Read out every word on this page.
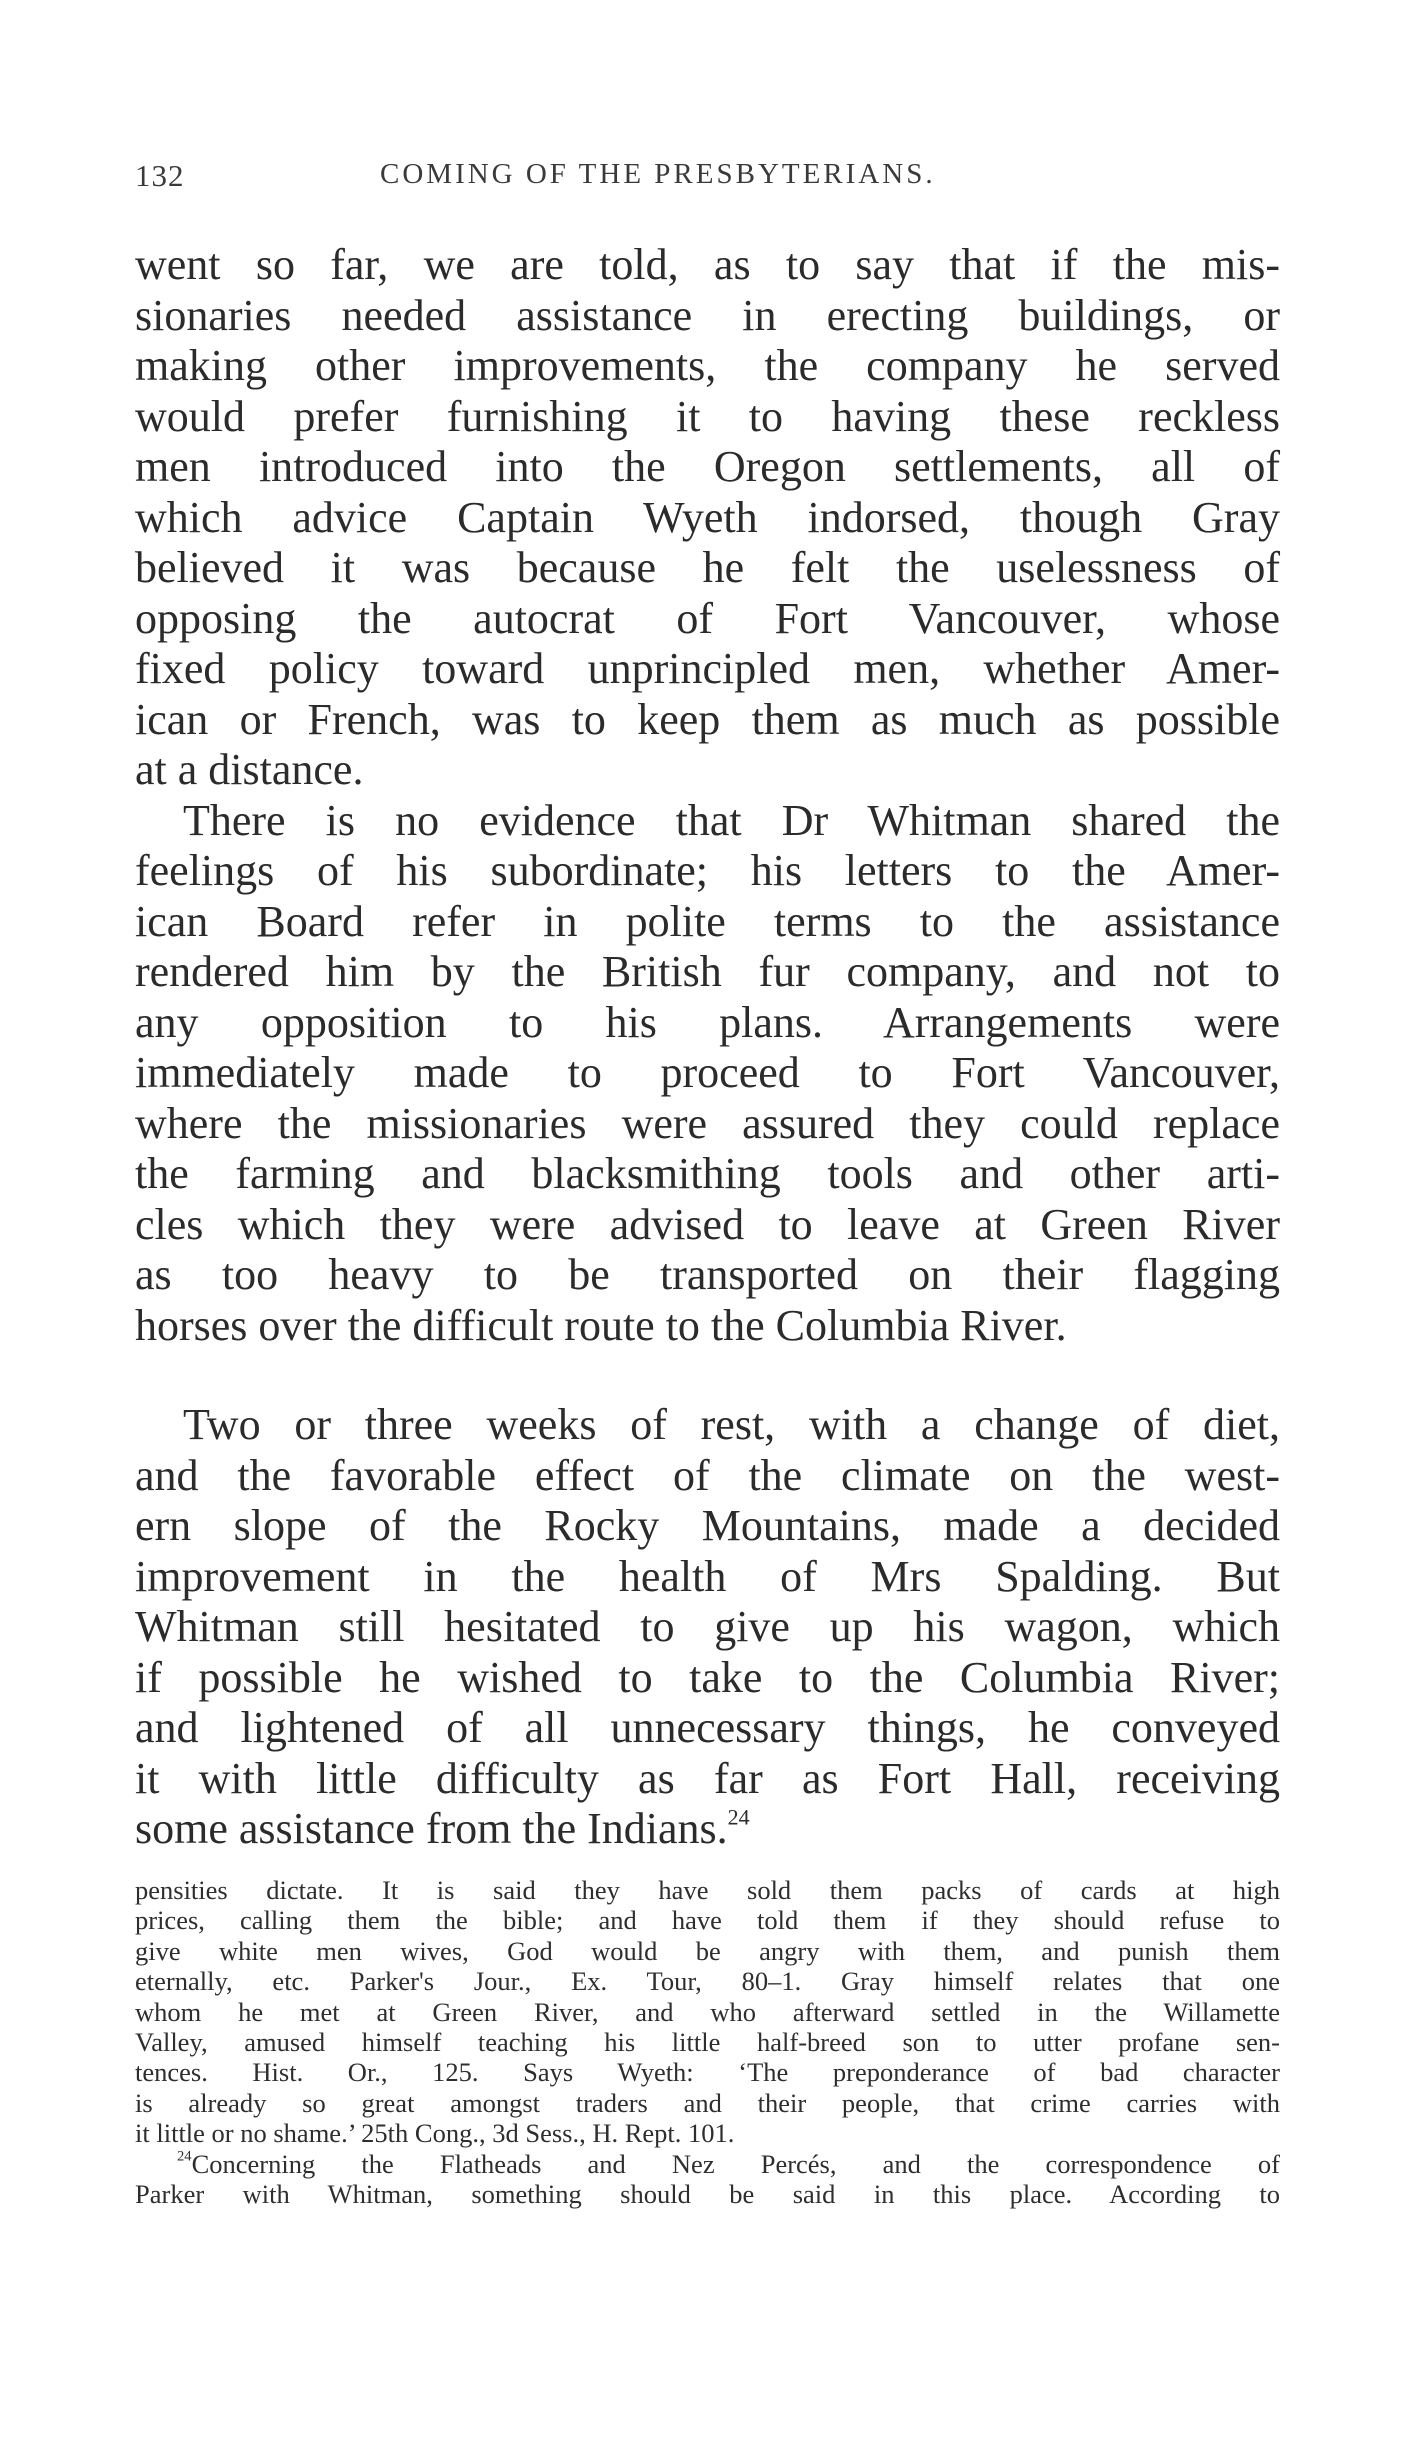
132	COMING OF THE PRESBYTERIANS.
went so far, we are told, as to say that if the mis-
sionaries needed assistance in erecting buildings, or
making other improvements, the company he served
would prefer furnishing it to having these reckless
men introduced into the Oregon settlements, all of
which advice Captain Wyeth indorsed, though Gray
believed it was because he felt the uselessness of
opposing the autocrat of Fort Vancouver, whose
fixed policy toward unprincipled men, whether Amer-
ican or French, was to keep them as much as possible
at a distance.
There is no evidence that Dr Whitman shared the
feelings of his subordinate; his letters to the Amer-
ican Board refer in polite terms to the assistance
rendered him by the British fur company, and not to
any opposition to his plans. Arrangements were
immediately made to proceed to Fort Vancouver,
where the missionaries were assured they could replace
the farming and blacksmithing tools and other arti-
cles which they were advised to leave at Green River
as too heavy to be transported on their flagging
horses over the difficult route to the Columbia River.
Two or three weeks of rest, with a change of diet,
and the favorable effect of the climate on the west-
ern slope of the Rocky Mountains, made a decided
improvement in the health of Mrs Spalding. But
Whitman still hesitated to give up his wagon, which
if possible he wished to take to the Columbia River;
and lightened of all unnecessary things, he conveyed
it with little difficulty as far as Fort Hall, receiving
some assistance from the Indians.$^{24}$
pensities dictate. It is said they have sold them packs of cards at high
prices, calling them the bible; and have told them if they should refuse to
give white men wives, God would be angry with them, and punish them
eternally, etc. Parker's Jour., Ex. Tour, 80–1. Gray himself relates that one
whom he met at Green River, and who afterward settled in the Willamette
Valley, amused himself teaching his little half-breed son to utter profane sen-
tences. Hist. Or., 125. Says Wyeth: ‘The preponderance of bad character
is already so great amongst traders and their people, that crime carries with
it little or no shame.’ 25th Cong., 3d Sess., H. Rept. 101.
$^{24}$Concerning the Flatheads and Nez Percés, and the correspondence of
Parker with Whitman, something should be said in this place. According to
